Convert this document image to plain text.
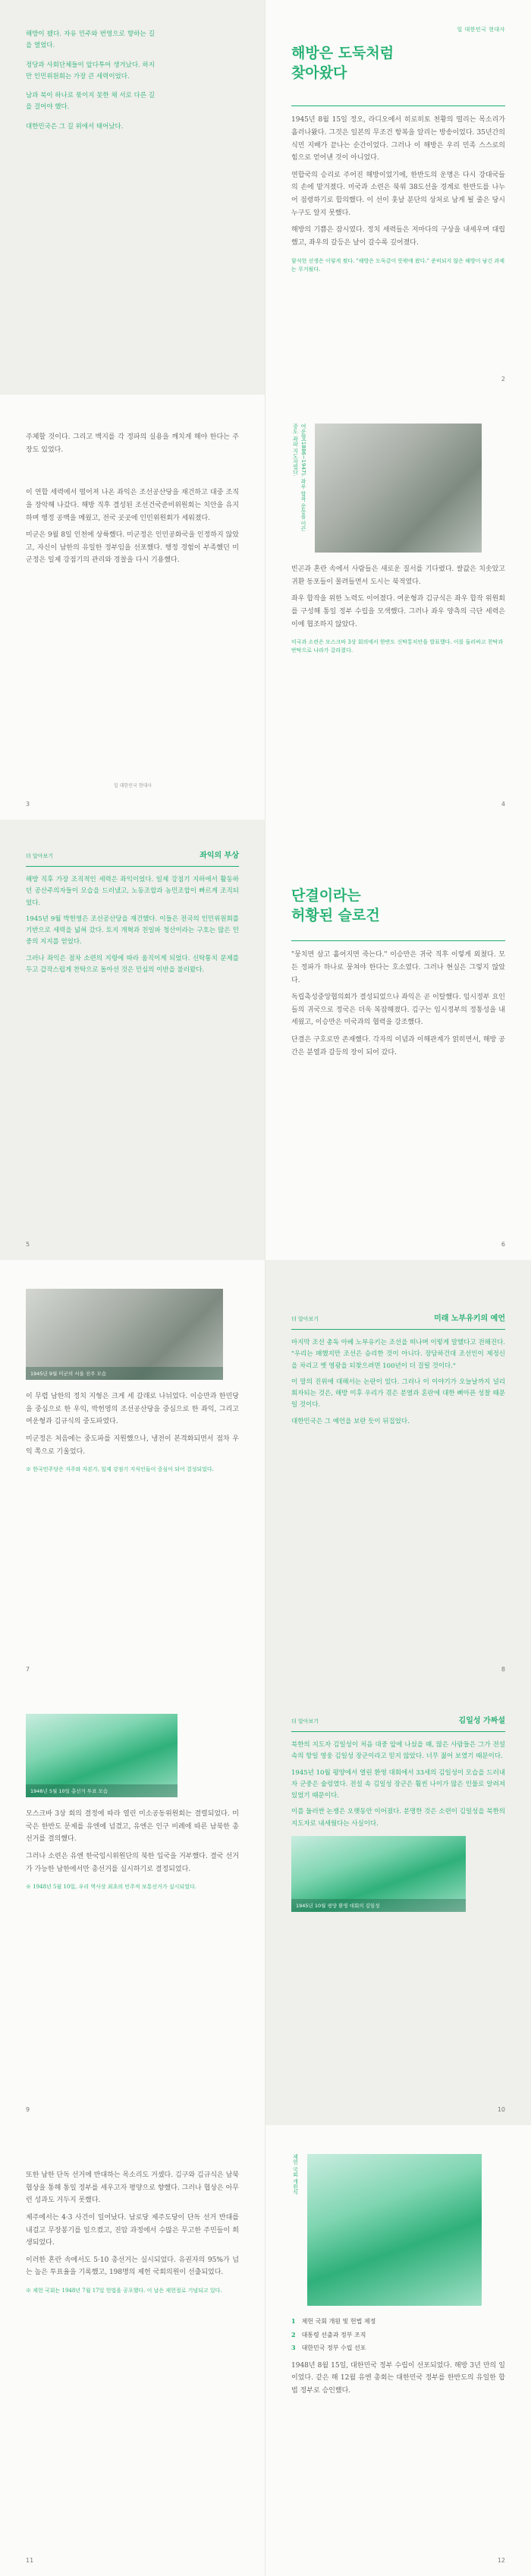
해방이 됐다. 자유 민주와 번영으로 향하는 길을 열었다.

정당과 사회단체들이 앞다투어 생겨났다. 하지만 인민위원회는 가장 큰 세력이었다.

남과 북이 하나로 묶이지 못한 채 서로 다른 길을 걸어야 했다.

대한민국은 그 길 위에서 태어났다.

일 대한민국 현대사
해방은 도둑처럼
찾아왔다

1945년 8월 15일 정오, 라디오에서 히로히토 천황의 떨리는 목소리가 흘러나왔다. 그것은 일본의 무조건 항복을 알리는 방송이었다. 35년간의 식민 지배가 끝나는 순간이었다. 그러나 이 해방은 우리 민족 스스로의 힘으로 얻어낸 것이 아니었다.

연합국의 승리로 주어진 해방이었기에, 한반도의 운명은 다시 강대국들의 손에 맡겨졌다. 미국과 소련은 북위 38도선을 경계로 한반도를 나누어 점령하기로 합의했다. 이 선이 훗날 분단의 상처로 남게 될 줄은 당시 누구도 알지 못했다.

해방의 기쁨은 잠시였다. 정치 세력들은 저마다의 구상을 내세우며 대립했고, 좌우의 갈등은 날이 갈수록 깊어졌다.

함석헌 선생은 이렇게 썼다. "해방은 도둑같이 뜻밖에 왔다." 준비되지 않은 해방이 남긴 과제는 무거웠다.

2

주체할 것이다. 그리고 백지를 각 정파의 실용을 깨치게 해야 한다는 주장도 있었다.

이 연합 세력에서 떨어져 나온 좌익은 조선공산당을 재건하고 대중 조직을 장악해 나갔다. 해방 직후 결성된 조선건국준비위원회는 치안을 유지하며 행정 공백을 메웠고, 전국 곳곳에 인민위원회가 세워졌다.

미군은 9월 8일 인천에 상륙했다. 미군정은 인민공화국을 인정하지 않았고, 자신이 남한의 유일한 정부임을 선포했다. 행정 경험이 부족했던 미군정은 일제 강점기의 관리와 경찰을 다시 기용했다.

일 대한민국 현대사
3
여운형(1886~1947). 좌우 합작 운동을 이끈 중도 좌파 지도자였다.

빈곤과 혼란 속에서 사람들은 새로운 질서를 기다렸다. 쌀값은 치솟았고 귀환 동포들이 몰려들면서 도시는 북적였다.

좌우 합작을 위한 노력도 이어졌다. 여운형과 김규식은 좌우 합작 위원회를 구성해 통일 정부 수립을 모색했다. 그러나 좌우 양측의 극단 세력은 이에 협조하지 않았다.

미국과 소련은 모스크바 3상 회의에서 한반도 신탁통치안을 발표했다. 이를 둘러싸고 찬탁과 반탁으로 나라가 갈라졌다.

4
더 알아보기	좌익의 부상

해방 직후 가장 조직적인 세력은 좌익이었다. 일제 강점기 지하에서 활동하던 공산주의자들이 모습을 드러냈고, 노동조합과 농민조합이 빠르게 조직되었다.

1945년 9월 박헌영은 조선공산당을 재건했다. 이들은 전국의 인민위원회를 기반으로 세력을 넓혀 갔다. 토지 개혁과 친일파 청산이라는 구호는 많은 민중의 지지를 얻었다.

그러나 좌익은 점차 소련의 지령에 따라 움직이게 되었다. 신탁통치 문제를 두고 갑작스럽게 찬탁으로 돌아선 것은 민심의 이반을 불러왔다.

5
단결이라는
허황된 슬로건

"뭉치면 살고 흩어지면 죽는다." 이승만은 귀국 직후 이렇게 외쳤다. 모든 정파가 하나로 뭉쳐야 한다는 호소였다. 그러나 현실은 그렇지 않았다.

독립촉성중앙협의회가 결성되었으나 좌익은 곧 이탈했다. 임시정부 요인들의 귀국으로 정국은 더욱 복잡해졌다. 김구는 임시정부의 정통성을 내세웠고, 이승만은 미국과의 협력을 강조했다.

단결은 구호로만 존재했다. 각자의 이념과 이해관계가 얽히면서, 해방 공간은 분열과 갈등의 장이 되어 갔다.

6
1945년 9월 미군의 서울 진주 모습

이 무렵 남한의 정치 지형은 크게 세 갈래로 나뉘었다. 이승만과 한민당을 중심으로 한 우익, 박헌영의 조선공산당을 중심으로 한 좌익, 그리고 여운형과 김규식의 중도파였다.

미군정은 처음에는 중도파를 지원했으나, 냉전이 본격화되면서 점차 우익 쪽으로 기울었다.

※ 한국민주당은 지주와 자본가, 일제 강점기 지식인들이 중심이 되어 결성되었다.

7
더 알아보기	미래 노부유키의 예언

마지막 조선 총독 아베 노부유키는 조선을 떠나며 이렇게 말했다고 전해진다. "우리는 패했지만 조선은 승리한 것이 아니다. 장담하건대 조선인이 제정신을 차리고 옛 영광을 되찾으려면 100년이 더 걸릴 것이다."

이 말의 진위에 대해서는 논란이 있다. 그러나 이 이야기가 오늘날까지 널리 회자되는 것은, 해방 이후 우리가 겪은 분열과 혼란에 대한 뼈아픈 성찰 때문일 것이다.

대한민국은 그 예언을 보란 듯이 뒤집었다.

8
1948년 5월 10일 총선거 투표 모습

모스크바 3상 회의 결정에 따라 열린 미소공동위원회는 결렬되었다. 미국은 한반도 문제를 유엔에 넘겼고, 유엔은 인구 비례에 따른 남북한 총선거를 결의했다.

그러나 소련은 유엔 한국임시위원단의 북한 입국을 거부했다. 결국 선거가 가능한 남한에서만 총선거를 실시하기로 결정되었다.

※ 1948년 5월 10일, 우리 역사상 최초의 민주적 보통선거가 실시되었다.

9
더 알아보기	김일성 가짜설

북한의 지도자 김일성이 처음 대중 앞에 나섰을 때, 많은 사람들은 그가 전설 속의 항일 영웅 김일성 장군이라고 믿지 않았다. 너무 젊어 보였기 때문이다.

1945년 10월 평양에서 열린 환영 대회에서 33세의 김일성이 모습을 드러내자 군중은 술렁였다. 전설 속 김일성 장군은 훨씬 나이가 많은 인물로 알려져 있었기 때문이다.

이를 둘러싼 논쟁은 오랫동안 이어졌다. 분명한 것은 소련이 김일성을 북한의 지도자로 내세웠다는 사실이다.

1945년 10월 평양 환영 대회의 김일성
10

또한 남한 단독 선거에 반대하는 목소리도 거셌다. 김구와 김규식은 남북 협상을 통해 통일 정부를 세우고자 평양으로 향했다. 그러나 협상은 아무런 성과도 거두지 못했다.

제주에서는 4·3 사건이 일어났다. 남로당 제주도당이 단독 선거 반대를 내걸고 무장봉기를 일으켰고, 진압 과정에서 수많은 무고한 주민들이 희생되었다.

이러한 혼란 속에서도 5·10 총선거는 실시되었다. 유권자의 95%가 넘는 높은 투표율을 기록했고, 198명의 제헌 국회의원이 선출되었다.

※ 제헌 국회는 1948년 7월 17일 헌법을 공포했다. 이 날은 제헌절로 기념되고 있다.

11
제헌 국회 개원식
1 제헌 국회 개원 및 헌법 제정
2 대통령 선출과 정부 조직
3 대한민국 정부 수립 선포

1948년 8월 15일, 대한민국 정부 수립이 선포되었다. 해방 3년 만의 일이었다. 같은 해 12월 유엔 총회는 대한민국 정부를 한반도의 유일한 합법 정부로 승인했다.

12
